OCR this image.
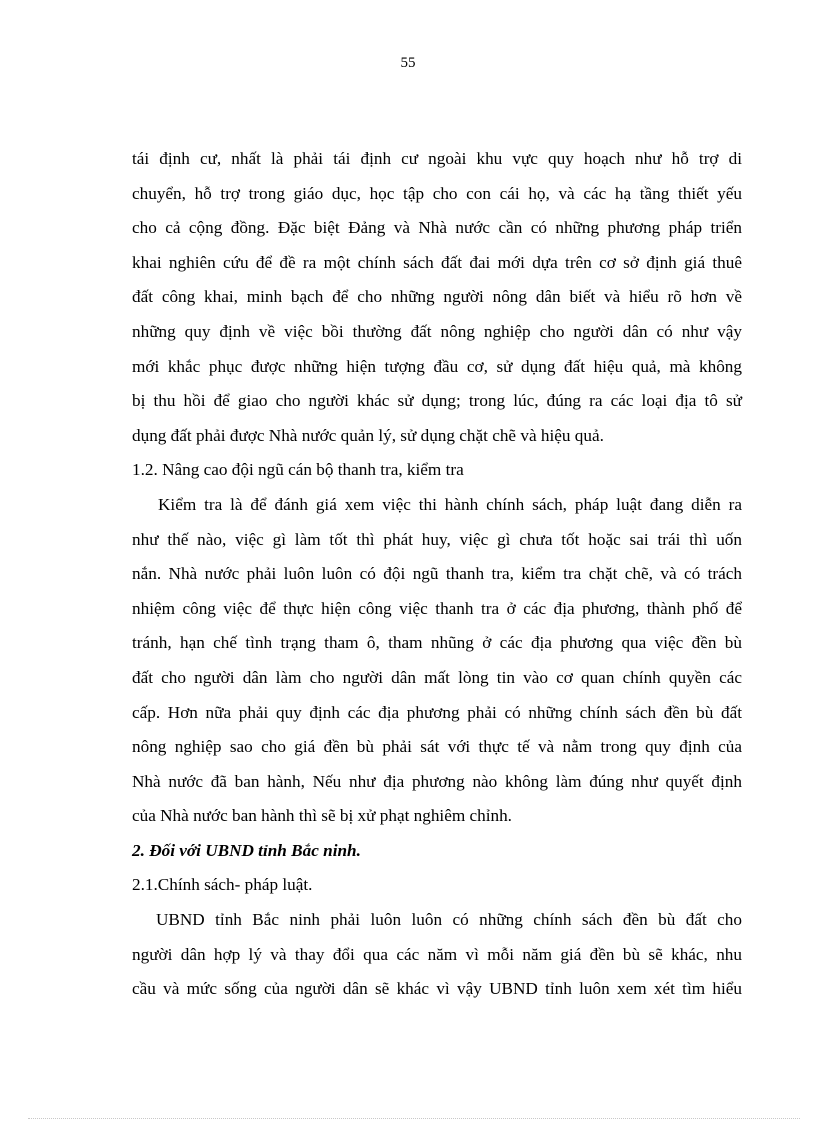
55
tái định cư, nhất là phải tái định cư ngoài khu vực quy hoạch như hỗ trợ di
chuyển, hỗ trợ trong giáo dục, học tập cho con cái họ, và các hạ tầng thiết yếu
cho cả cộng đồng. Đặc biệt Đảng và Nhà nước cần có những phương pháp triển
khai nghiên cứu để đề ra một chính sách đất đai mới dựa trên cơ sở định giá thuê
đất công khai, minh bạch để cho những người nông dân biết và hiểu rõ hơn về
những quy định về việc bồi thường đất nông nghiệp cho người dân có như vậy
mới khắc phục được những hiện tượng đầu cơ, sử dụng đất hiệu quả, mà không
bị thu hồi để giao cho người khác sử dụng; trong lúc, đúng ra các loại địa tô sử
dụng đất phải được Nhà nước quản lý, sử dụng chặt chẽ và hiệu quả.
1.2. Nâng cao đội ngũ cán bộ thanh tra, kiểm tra
Kiểm tra là để đánh giá xem việc thi hành chính sách, pháp luật đang diễn ra
như thế nào, việc gì làm tốt thì phát huy, việc gì chưa tốt hoặc sai trái thì uốn
nắn. Nhà nước phải luôn luôn có đội ngũ thanh tra, kiểm tra chặt chẽ, và có trách
nhiệm công việc để thực hiện công việc thanh tra ở các địa phương, thành phố để
tránh, hạn chế tình trạng tham ô, tham nhũng ở các địa phương qua việc đền bù
đất cho người dân làm cho người dân mất lòng tin vào cơ quan chính quyền các
cấp. Hơn nữa phải quy định các địa phương phải có những chính sách đền bù đất
nông nghiệp sao cho giá đền bù phải sát với thực tế và nằm trong quy định của
Nhà nước đã ban hành, Nếu như địa phương nào không làm đúng như quyết định
của Nhà nước ban hành thì sẽ bị xử phạt nghiêm chỉnh.
2. Đối với UBND tỉnh Bắc ninh.
2.1.Chính sách- pháp luật.
UBND tỉnh Bắc ninh phải luôn luôn có những chính sách đền bù đất cho
người dân hợp lý và thay đổi qua các năm vì mỗi năm giá đền bù sẽ khác, nhu
cầu và mức sống của người dân sẽ khác vì vậy UBND tỉnh luôn xem xét tìm hiểu
